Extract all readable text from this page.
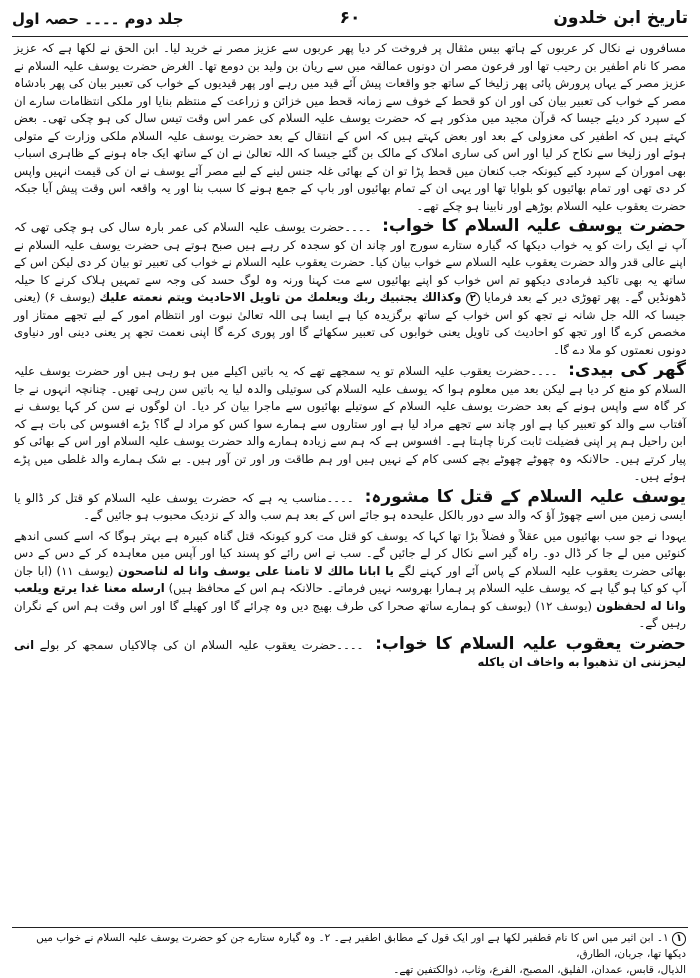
تاریخ ابن خلدون
۶۰
جلد دوم ۔۔۔۔ حصہ اول

مسافروں نے نکال کر عربوں کے ہاتھ بیس مثقال پر فروخت کر دیا پھر عربوں سے عزیز مصر نے خرید لیا۔ ابن الحق نے لکھا ہے کہ عزیز مصر کا نام اطفیر بن رحیب تھا اور فرعون مصر ان دونوں عمالقہ میں سے ریان بن ولید بن دومع تھا۔ الغرض حضرت یوسف علیہ السلام نے عزیز مصر کے یہاں پرورش پائی پھر زلیخا کے ساتھ جو واقعات پیش آئے قید میں رہے اور پھر قیدیوں کے خواب کی تعبیر بیان کی پھر بادشاہ مصر کے خواب کی تعبیر بیان کی اور ان کو قحط کے خوف سے زمانہ قحط میں خزائن و زراعت کے منتظم بنایا اور ملکی انتظامات سارے ان کے سپرد کر دیئے جیسا کہ قرآن مجید میں مذکور ہے کہ حضرت یوسف علیہ السلام کی عمر اس وقت تیس سال کی ہو چکی تھی۔ بعض کہتے ہیں کہ اطفیر کی معزولی کے بعد اور بعض کہتے ہیں کہ اس کے انتقال کے بعد حضرت یوسف علیہ السلام ملکی وزارت کے متولی ہوئے اور زلیخا سے نکاح کر لیا اور اس کی ساری املاک کے مالک بن گئے جیسا کہ اللہ تعالیٰ نے ان کے ساتھ ایک جاہ ہونے کے ظاہری اسباب بھی اموران کے سپرد کیے کیونکہ جب کنعان میں قحط پڑا تو ان کے بھائی غلہ جنس لینے کے لیے مصر آئے یوسف نے ان کی قیمت انہیں واپس کر دی تھی اور تمام بھائیوں کو بلوایا تھا اور یہی ان کے تمام بھائیوں اور باپ کے جمع ہونے کا سبب بنا اور یہ واقعہ اس وقت پیش آیا جبکہ حضرت یعقوب علیہ السلام بوڑھے اور نابینا ہو چکے تھے۔

حضرت یوسف علیہ السلام کا خواب: ۔۔۔۔حضرت یوسف علیہ السلام کی عمر بارہ سال کی ہو چکی تھی کہ آپ نے ایک رات کو یہ خواب دیکھا کہ گیارہ ستارے سورج اور چاند ان کو سجدہ کر رہے ہیں صبح ہوتے ہی حضرت یوسف علیہ السلام نے اپنے عالی قدر والد حضرت یعقوب علیہ السلام سے خواب بیان کیا۔ حضرت یعقوب علیہ السلام نے خواب کی تعبیر تو بیان کر دی لیکن اس کے ساتھ یہ بھی تاکید فرمادی دیکھو تم اس خواب کو اپنے بھائیوں سے مت کہنا ورنہ وہ لوگ حسد کی وجہ سے تمہیں ہلاک کرنے کا حیلہ ڈھونڈیں گے۔ پھر تھوڑی دیر کے بعد فرمایا ۲ وكذالك يجتبيك ربك ويعلمك من تاويل الاحاديث ويتم نعمته عليك (یوسف ۶) (یعنی جیسا کہ اللہ جل شانہ نے تجھ کو اس خواب کے ساتھ برگزیدہ کیا ہے ایسا ہی اللہ تعالیٰ نبوت اور انتظام امور کے لیے تجھے ممتاز اور مخصص کرے گا اور تجھ کو احادیث کی تاویل یعنی خوابوں کی تعبیر سکھائے گا اور پوری کرے گا اپنی نعمت تجھ پر یعنی دینی اور دنیاوی دونوں نعمتوں کو ملا دے گا۔

گھر کی بیدی: ۔۔۔۔حضرت یعقوب علیہ السلام تو یہ سمجھے تھے کہ یہ باتیں اکیلے میں ہو رہی ہیں اور حضرت یوسف علیہ السلام کو منع کر دیا ہے لیکن بعد میں معلوم ہوا کہ یوسف علیہ السلام کی سوتیلی والدہ لیا یہ باتیں سن رہی تھیں۔ چنانچہ انہوں نے جا کر گاہ سے واپس ہونے کے بعد حضرت یوسف علیہ السلام کے سوتیلے بھائیوں سے ماجرا بیان کر دیا۔ ان لوگوں نے سن کر کہا یوسف نے آفتاب سے والد کو تعبیر کیا ہے اور چاند سے تجھے مراد لیا ہے اور ستاروں سے ہمارے سوا کس کو مراد لے گا؟ بڑے افسوس کی بات ہے کہ ابن راحیل ہم پر اپنی فضیلت ثابت کرنا چاہتا ہے۔ افسوس ہے کہ ہم سے زیادہ ہمارے والد حضرت یوسف علیہ السلام اور اس کے بھائی کو پیار کرتے ہیں۔ حالانکہ وہ چھوٹے چھوٹے بچے کسی کام کے نہیں ہیں اور ہم طاقت ور اور تن آور ہیں۔ بے شک ہمارے والد غلطی میں پڑے ہوئے ہیں۔

یوسف علیہ السلام کے قتل کا مشورہ: ۔۔۔۔مناسب یہ ہے کہ حضرت یوسف علیہ السلام کو قتل کر ڈالو یا ایسی زمین میں اسے چھوڑ آؤ کہ والد سے دور بالکل علیحدہ ہو جائے اس کے بعد ہم سب والد کے نزدیک محبوب ہو جائیں گے۔

یہودا نے جو سب بھائیوں میں عقلاً و فضلاً بڑا تھا کہا کہ یوسف کو قتل مت کرو کیونکہ قتل گناہ کبیرہ ہے بہتر ہوگا کہ اسے کسی اندھے کنوئیں میں لے جا کر ڈال دو۔ راہ گیر اسے نکال کر لے جائیں گے۔ سب نے اس رائے کو پسند کیا اور آپس میں معاہدہ کر کے دس کے دس بھائی حضرت یعقوب علیہ السلام کے پاس آئے اور کہنے لگے يا ابانا مالك لا تامنا على يوسف وانا له لناصحون (یوسف ۱۱) (ابا جان آپ کو کیا ہو گیا ہے کہ یوسف علیہ السلام پر ہمارا بھروسہ نہیں فرماتے۔ حالانکہ ہم اس کے محافظ ہیں) ارسله معنا غدا يرتع ويلعب وانا له لحفظون (یوسف ۱۲) (یوسف کو ہمارے ساتھ صحرا کی طرف بھیج دیں وہ چرائے گا اور کھیلے گا اور اس وقت ہم اس کے نگران رہیں گے۔

حضرت یعقوب علیہ السلام کا خواب: ۔۔۔۔حضرت یعقوب علیہ السلام ان کی چالاکیاں سمجھ کر بولے انی لیحزننی ان تذهبوا به واخاف ان یاکله

۱ ۱۔ ابن اثیر میں اس کا نام قطفیر لکھا ہے اور ایک قول کے مطابق اطفیر ہے۔ ۲۔ وہ گیارہ ستارے جن کو حضرت یوسف علیہ السلام نے خواب میں دیکھا تھا، جربان، الطارق،

الذیال، قابس، عمدان، الفلیق، المصبح، الفرع، وثاب، ذوالکتفین تھے۔
